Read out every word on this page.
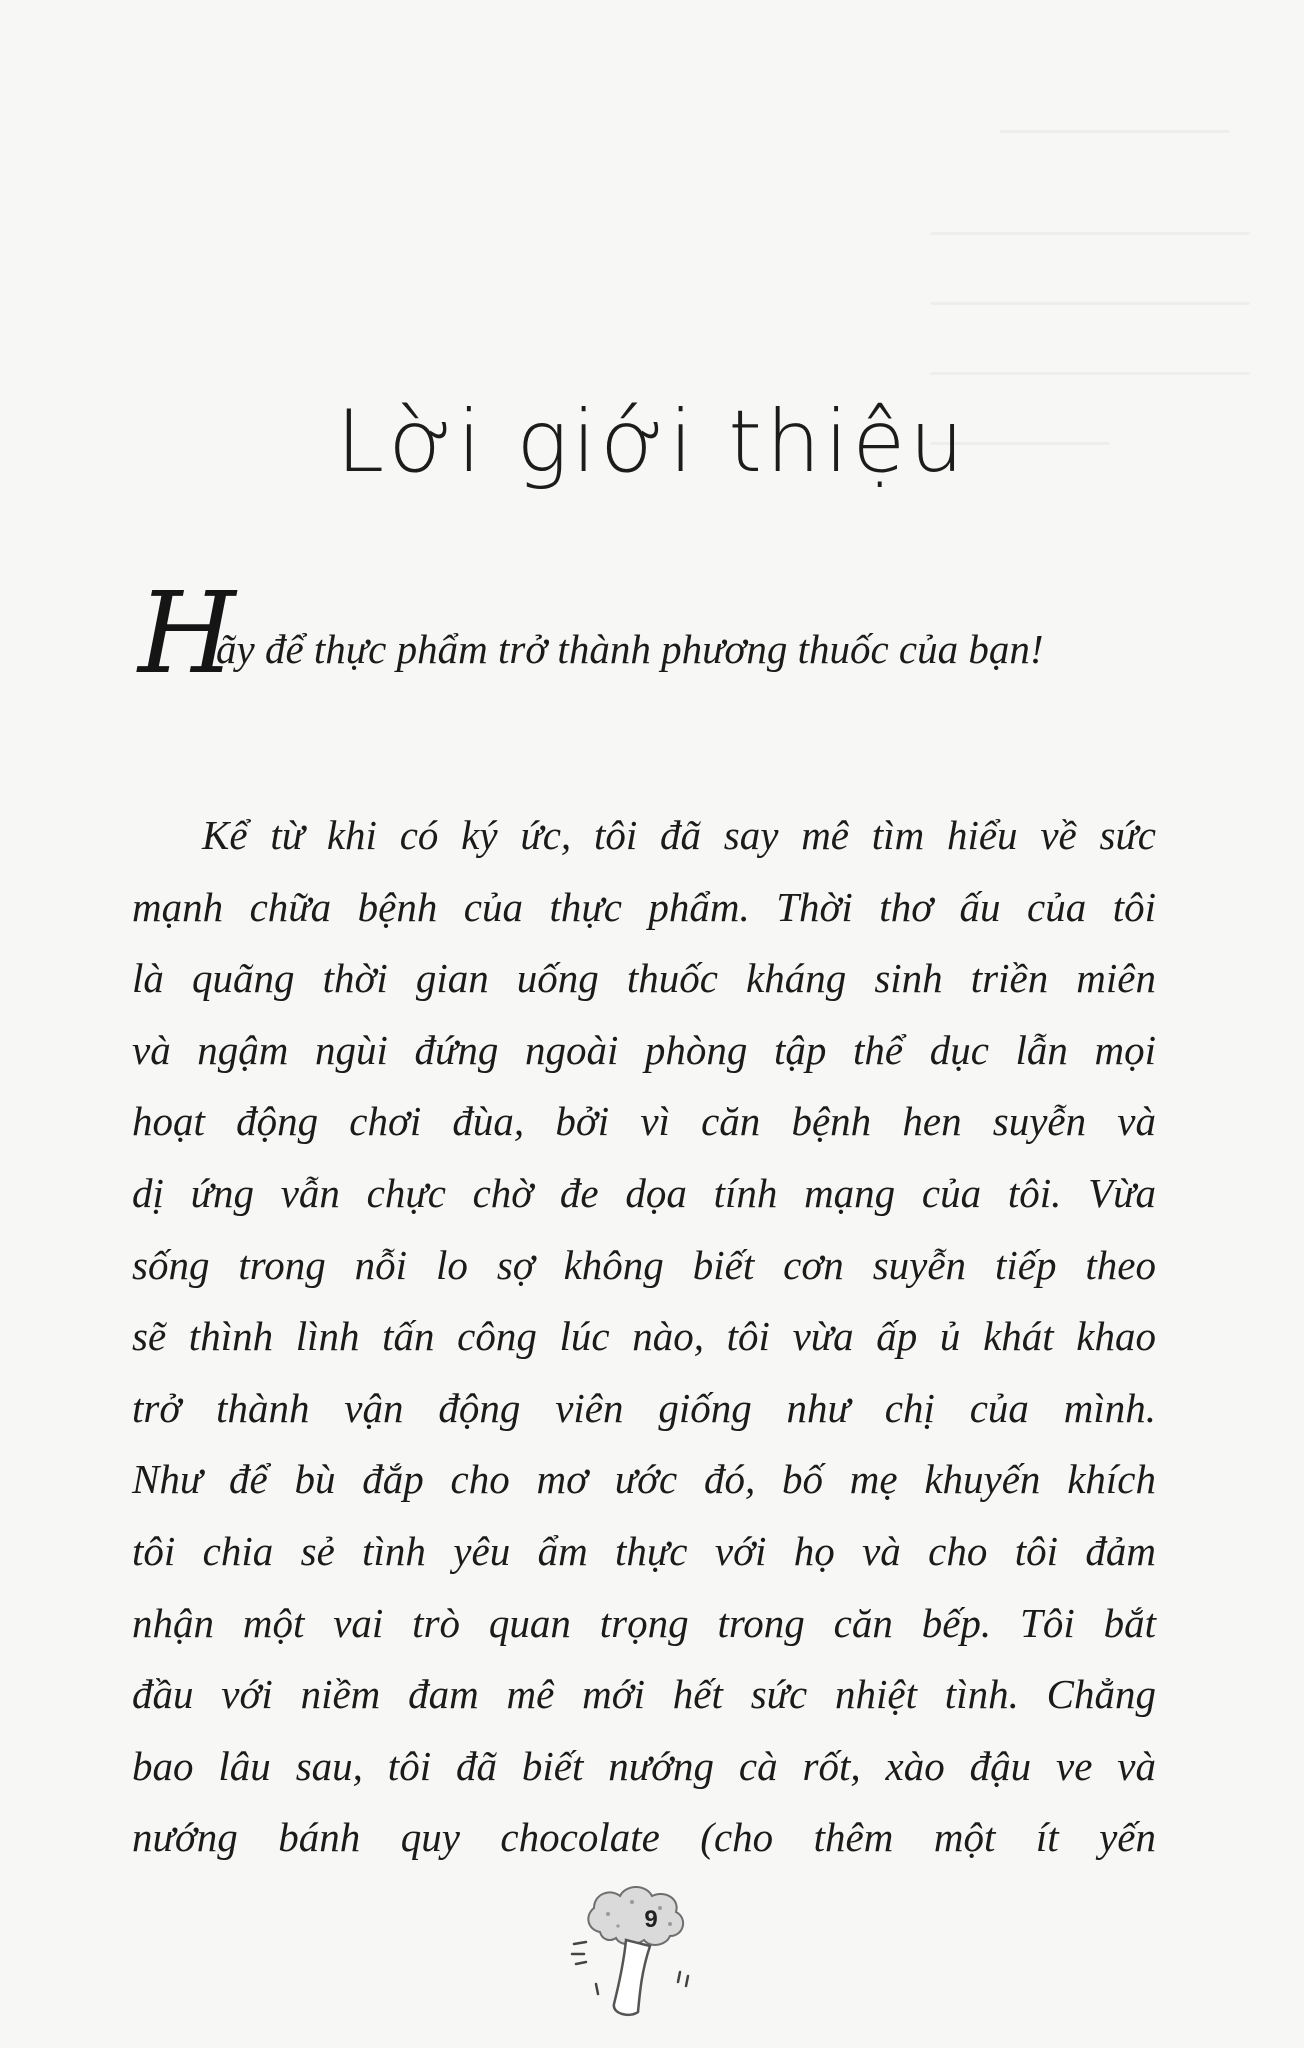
Lời giới thiệu
H
ãy để thực phẩm trở thành phương thuốc của bạn!
Kể từ khi có ký ức, tôi đã say mê tìm hiểu về sức
mạnh chữa bệnh của thực phẩm. Thời thơ ấu của tôi
là quãng thời gian uống thuốc kháng sinh triền miên
và ngậm ngùi đứng ngoài phòng tập thể dục lẫn mọi
hoạt động chơi đùa, bởi vì căn bệnh hen suyễn và
dị ứng vẫn chực chờ đe dọa tính mạng của tôi. Vừa
sống trong nỗi lo sợ không biết cơn suyễn tiếp theo
sẽ thình lình tấn công lúc nào, tôi vừa ấp ủ khát khao
trở thành vận động viên giống như chị của mình.
Như để bù đắp cho mơ ước đó, bố mẹ khuyến khích
tôi chia sẻ tình yêu ẩm thực với họ và cho tôi đảm
nhận một vai trò quan trọng trong căn bếp. Tôi bắt
đầu với niềm đam mê mới hết sức nhiệt tình. Chẳng
bao lâu sau, tôi đã biết nướng cà rốt, xào đậu ve và
nướng bánh quy chocolate (cho thêm một ít yến
9
